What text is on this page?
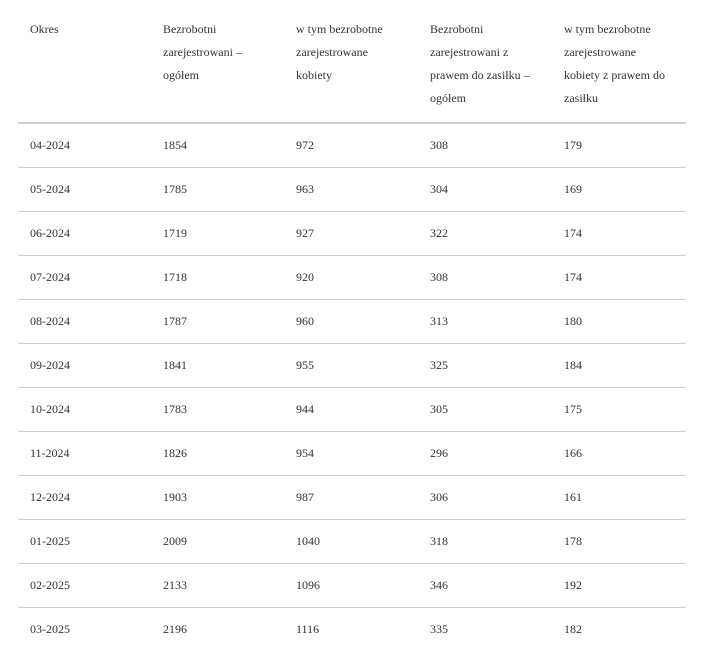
Okres	Bezrobotni zarejestrowani – ogółem	w tym bezrobotne zarejestrowane kobiety	Bezrobotni zarejestrowani z prawem do zasiłku – ogółem	w tym bezrobotne zarejestrowane kobiety z prawem do zasiłku
04-2024	1854	972	308	179
05-2024	1785	963	304	169
06-2024	1719	927	322	174
07-2024	1718	920	308	174
08-2024	1787	960	313	180
09-2024	1841	955	325	184
10-2024	1783	944	305	175
11-2024	1826	954	296	166
12-2024	1903	987	306	161
01-2025	2009	1040	318	178
02-2025	2133	1096	346	192
03-2025	2196	1116	335	182
